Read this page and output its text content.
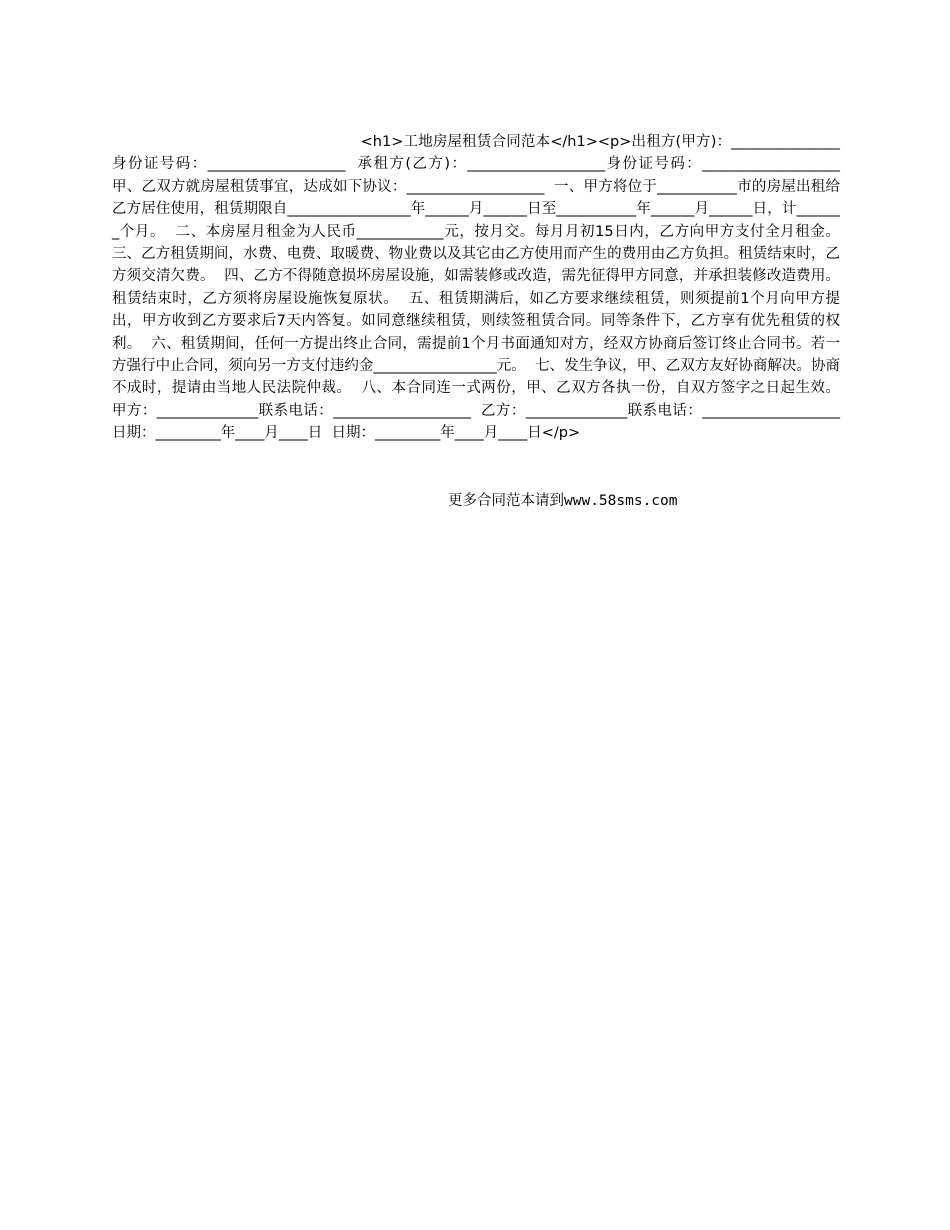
<h1>工地房屋租赁合同范本</h1><p>出租方(甲方)：_______________身份证号码：___________________  承租方(乙方)：___________________身份证号码：___________________  甲、乙双方就房屋租赁事宜，达成如下协议：___________________  一、甲方将位于___________市的房屋出租给乙方居住使用，租赁期限自_________________年______月______日至___________年______月______日，计_______个月。  二、本房屋月租金为人民币____________元，按月交。每月月初15日内，乙方向甲方支付全月租金。  三、乙方租赁期间，水费、电费、取暖费、物业费以及其它由乙方使用而产生的费用由乙方负担。租赁结束时，乙方须交清欠费。  四、乙方不得随意损坏房屋设施，如需装修或改造，需先征得甲方同意，并承担装修改造费用。租赁结束时，乙方须将房屋设施恢复原状。  五、租赁期满后，如乙方要求继续租赁，则须提前1个月向甲方提出，甲方收到乙方要求后7天内答复。如同意继续租赁，则续签租赁合同。同等条件下，乙方享有优先租赁的权利。  六、租赁期间，任何一方提出终止合同，需提前1个月书面通知对方，经双方协商后签订终止合同书。若一方强行中止合同，须向另一方支付违约金_________________元。  七、发生争议，甲、乙双方友好协商解决。协商不成时，提请由当地人民法院仲裁。  八、本合同连一式两份，甲、乙双方各执一份，自双方签字之日起生效。  甲方：______________联系电话：___________________  乙方：______________联系电话：___________________  日期：_________年____月____日  日期：_________年____月____日</p>

更多合同范本请到www.58sms.com
